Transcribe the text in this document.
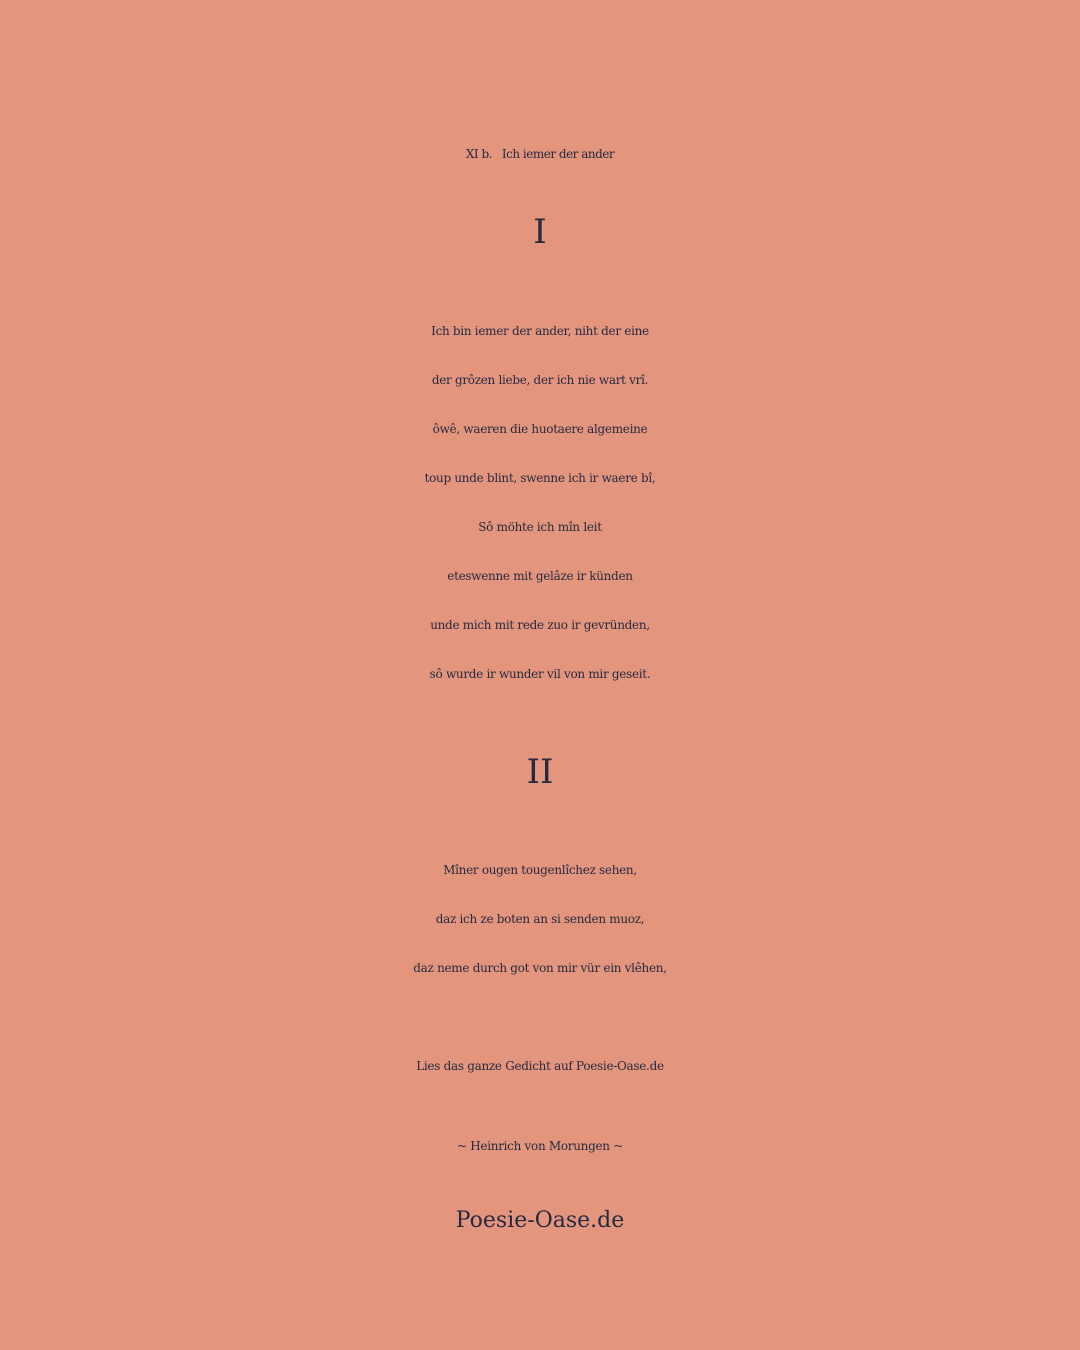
XI b.   Ich iemer der ander
I
Ich bin iemer der ander, niht der eine
der grôzen liebe, der ich nie wart vrî.
ôwê, waeren die huotaere algemeine
toup unde blint, swenne ich ir waere bî,
Sô möhte ich mîn leit
eteswenne mit gelâze ir künden
unde mich mit rede zuo ir gevründen,
sô wurde ir wunder vil von mir geseit.
II
Mîner ougen tougenlîchez sehen,
daz ich ze boten an si senden muoz,
daz neme durch got von mir vür ein vlêhen,
Lies das ganze Gedicht auf Poesie-Oase.de
~ Heinrich von Morungen ~
Poesie-Oase.de
